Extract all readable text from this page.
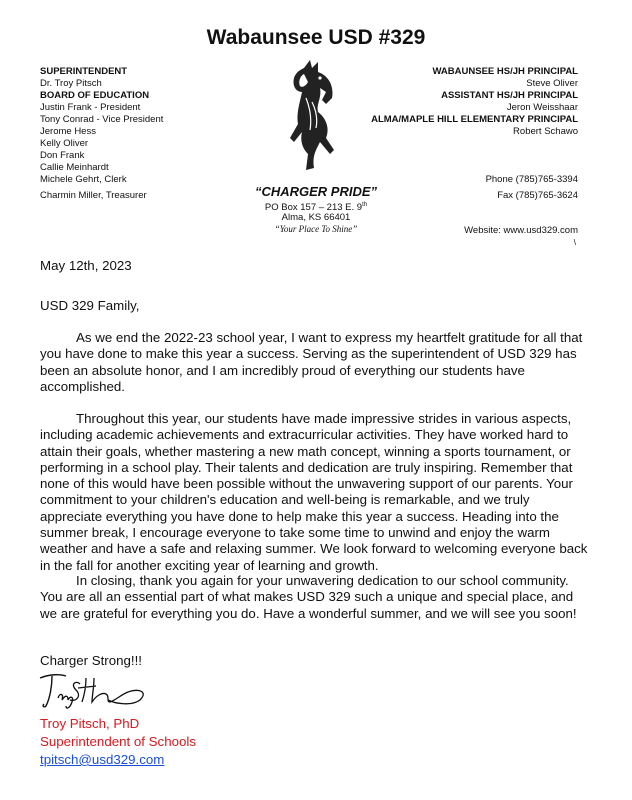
Wabaunsee USD #329
SUPERINTENDENT
Dr. Troy Pitsch
BOARD OF EDUCATION
Justin Frank - President
Tony Conrad - Vice President
Jerome Hess
Kelly Oliver
Don Frank
Callie Meinhardt
WABAUNSEE HS/JH PRINCIPAL
Steve Oliver
ASSISTANT HS/JH PRINCIPAL
Jeron Weisshaar
ALMA/MAPLE HILL ELEMENTARY PRINCIPAL
Robert Schawo
Michele Gehrt, Clerk
Charmin Miller, Treasurer
Phone (785)765-3394
Fax (785)765-3624
“CHARGER PRIDE”
PO Box 157 – 213 E. 9th
Alma, KS 66401
“Your Place To Shine”	Website: www.usd329.com
\
May 12th, 2023
USD 329 Family,
As we end the 2022-23 school year, I want to express my heartfelt gratitude for all that you have done to make this year a success. Serving as the superintendent of USD 329 has been an absolute honor, and I am incredibly proud of everything our students have accomplished.
Throughout this year, our students have made impressive strides in various aspects, including academic achievements and extracurricular activities. They have worked hard to attain their goals, whether mastering a new math concept, winning a sports tournament, or performing in a school play. Their talents and dedication are truly inspiring. Remember that none of this would have been possible without the unwavering support of our parents. Your commitment to your children's education and well-being is remarkable, and we truly appreciate everything you have done to help make this year a success. Heading into the summer break, I encourage everyone to take some time to unwind and enjoy the warm weather and have a safe and relaxing summer. We look forward to welcoming everyone back in the fall for another exciting year of learning and growth.
In closing, thank you again for your unwavering dedication to our school community. You are all an essential part of what makes USD 329 such a unique and special place, and we are grateful for everything you do. Have a wonderful summer, and we will see you soon!
Charger Strong!!!
Troy Pitsch, PhD
Superintendent of Schools
tpitsch@usd329.com
